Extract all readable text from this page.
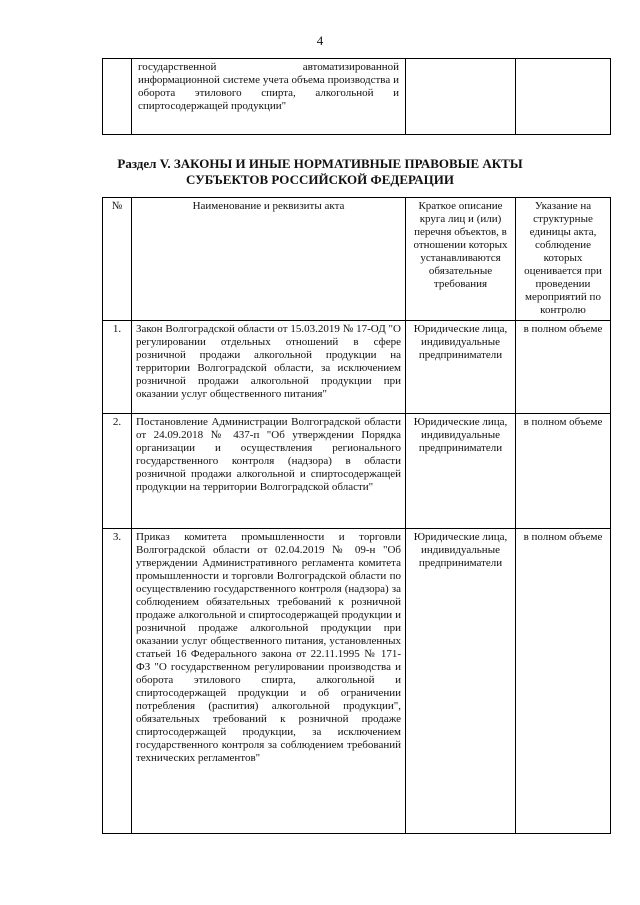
4

государственной автоматизированной информационной системе учета объема производства и оборота этилового спирта, алкогольной и спиртосодержащей продукции"

Раздел V. ЗАКОНЫ И ИНЫЕ НОРМАТИВНЫЕ ПРАВОВЫЕ АКТЫ
СУБЪЕКТОВ РОССИЙСКОЙ ФЕДЕРАЦИИ
№	Наименование и реквизиты акта	Краткое описание круга лиц и (или) перечня объектов, в отношении которых устанавливаются обязательные требования	Указание на структурные единицы акта, соблюдение которых оценивается при проведении мероприятий по контролю
1.	Закон Волгоградской области от 15.03.2019 № 17-ОД "О регулировании отдельных отношений в сфере розничной продажи алкогольной продукции на территории Волгоградской области, за исключением розничной продажи алкогольной продукции при оказании услуг общественного питания"	Юридические лица, индивидуальные предприниматели	в полном объеме
2.	Постановление Администрации Волгоградской области от 24.09.2018 № 437-п "Об утверждении Порядка организации и осуществления регионального государственного контроля (надзора) в области розничной продажи алкогольной и спиртосодержащей продукции на территории Волгоградской области"	Юридические лица, индивидуальные предприниматели	в полном объеме
3.	Приказ комитета промышленности и торговли Волгоградской области от 02.04.2019 № 09-н "Об утверждении Административного регламента комитета промышленности и торговли Волгоградской области по осуществлению государственного контроля (надзора) за соблюдением обязательных требований к розничной продаже алкогольной и спиртосодержащей продукции и розничной продаже алкогольной продукции при оказании услуг общественного питания, установленных статьей 16 Федерального закона от 22.11.1995 № 171-ФЗ "О государственном регулировании производства и оборота этилового спирта, алкогольной и спиртосодержащей продукции и об ограничении потребления (распития) алкогольной продукции", обязательных требований к розничной продаже спиртосодержащей продукции, за исключением государственного контроля за соблюдением требований технических регламентов"	Юридические лица, индивидуальные предприниматели	в полном объеме
